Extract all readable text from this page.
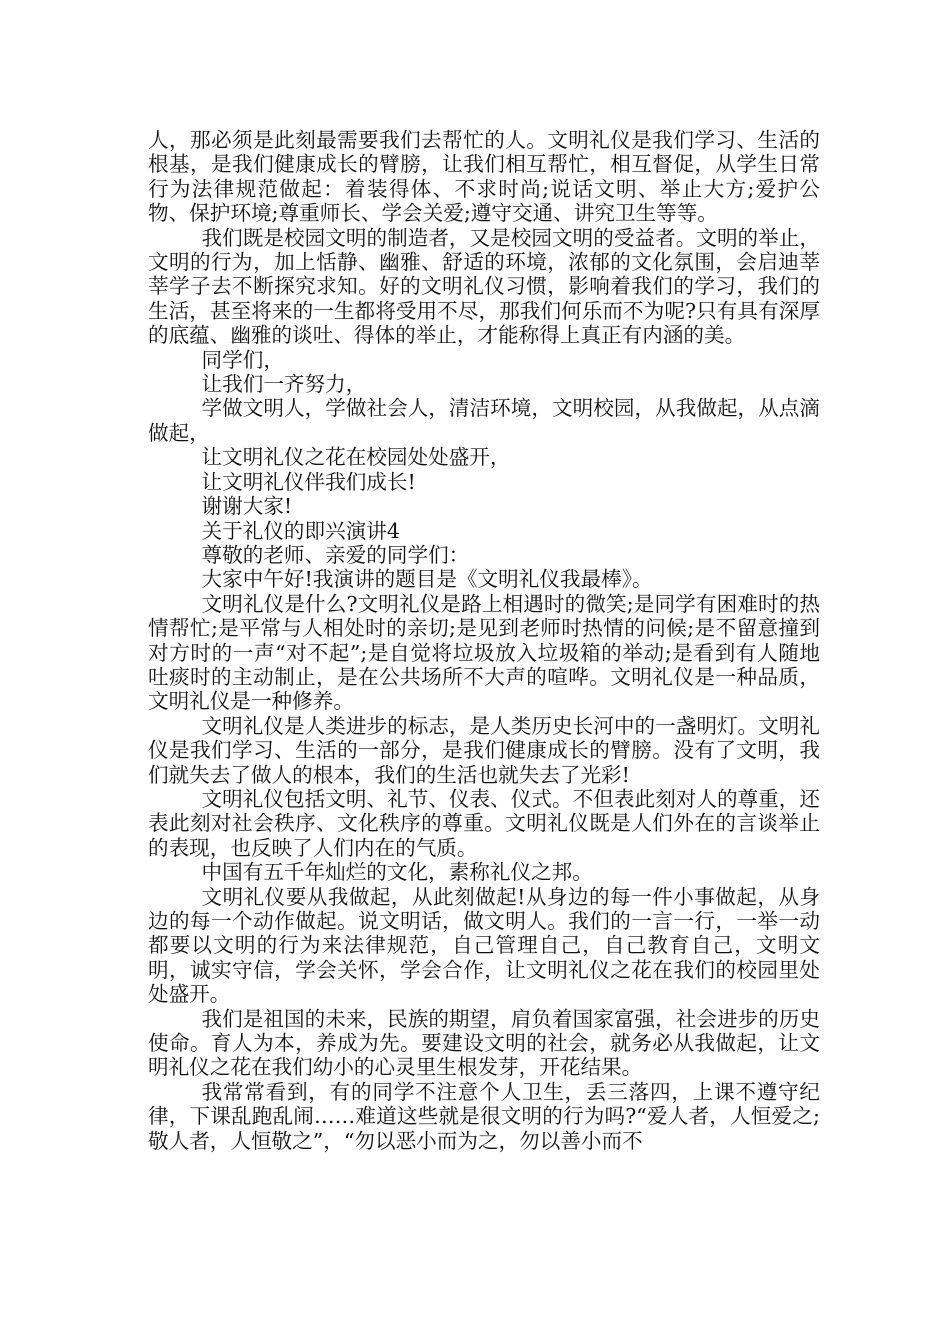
人，那必须是此刻最需要我们去帮忙的人。文明礼仪是我们学习、生活的根基，是我们健康成长的臂膀，让我们相互帮忙，相互督促，从学生日常行为法律规范做起：着装得体、不求时尚;说话文明、举止大方;爱护公物、保护环境;尊重师长、学会关爱;遵守交通、讲究卫生等等。

我们既是校园文明的制造者，又是校园文明的受益者。文明的举止，文明的行为，加上恬静、幽雅、舒适的环境，浓郁的文化氛围，会启迪莘莘学子去不断探究求知。好的文明礼仪习惯，影响着我们的学习，我们的生活，甚至将来的一生都将受用不尽，那我们何乐而不为呢?只有具有深厚的底蕴、幽雅的谈吐、得体的举止，才能称得上真正有内涵的美。

同学们，

让我们一齐努力，

学做文明人，学做社会人，清洁环境，文明校园，从我做起，从点滴做起，

让文明礼仪之花在校园处处盛开，

让文明礼仪伴我们成长!

谢谢大家!

关于礼仪的即兴演讲4

尊敬的老师、亲爱的同学们：

大家中午好!我演讲的题目是《文明礼仪我最棒》。

文明礼仪是什么?文明礼仪是路上相遇时的微笑;是同学有困难时的热情帮忙;是平常与人相处时的亲切;是见到老师时热情的问候;是不留意撞到对方时的一声“对不起”;是自觉将垃圾放入垃圾箱的举动;是看到有人随地吐痰时的主动制止，是在公共场所不大声的喧哗。文明礼仪是一种品质，文明礼仪是一种修养。

文明礼仪是人类进步的标志，是人类历史长河中的一盏明灯。文明礼仪是我们学习、生活的一部分，是我们健康成长的臂膀。没有了文明，我们就失去了做人的根本，我们的生活也就失去了光彩!

文明礼仪包括文明、礼节、仪表、仪式。不但表此刻对人的尊重，还表此刻对社会秩序、文化秩序的尊重。文明礼仪既是人们外在的言谈举止的表现，也反映了人们内在的气质。

中国有五千年灿烂的文化，素称礼仪之邦。

文明礼仪要从我做起，从此刻做起!从身边的每一件小事做起，从身边的每一个动作做起。说文明话，做文明人。我们的一言一行，一举一动都要以文明的行为来法律规范，自己管理自己，自己教育自己，文明文明，诚实守信，学会关怀，学会合作，让文明礼仪之花在我们的校园里处处盛开。

我们是祖国的未来，民族的期望，肩负着国家富强，社会进步的历史使命。育人为本，养成为先。要建设文明的社会，就务必从我做起，让文明礼仪之花在我们幼小的心灵里生根发芽，开花结果。

我常常看到，有的同学不注意个人卫生，丢三落四，上课不遵守纪律，下课乱跑乱闹……难道这些就是很文明的行为吗?“爱人者，人恒爱之;敬人者，人恒敬之”，“勿以恶小而为之，勿以善小而不
